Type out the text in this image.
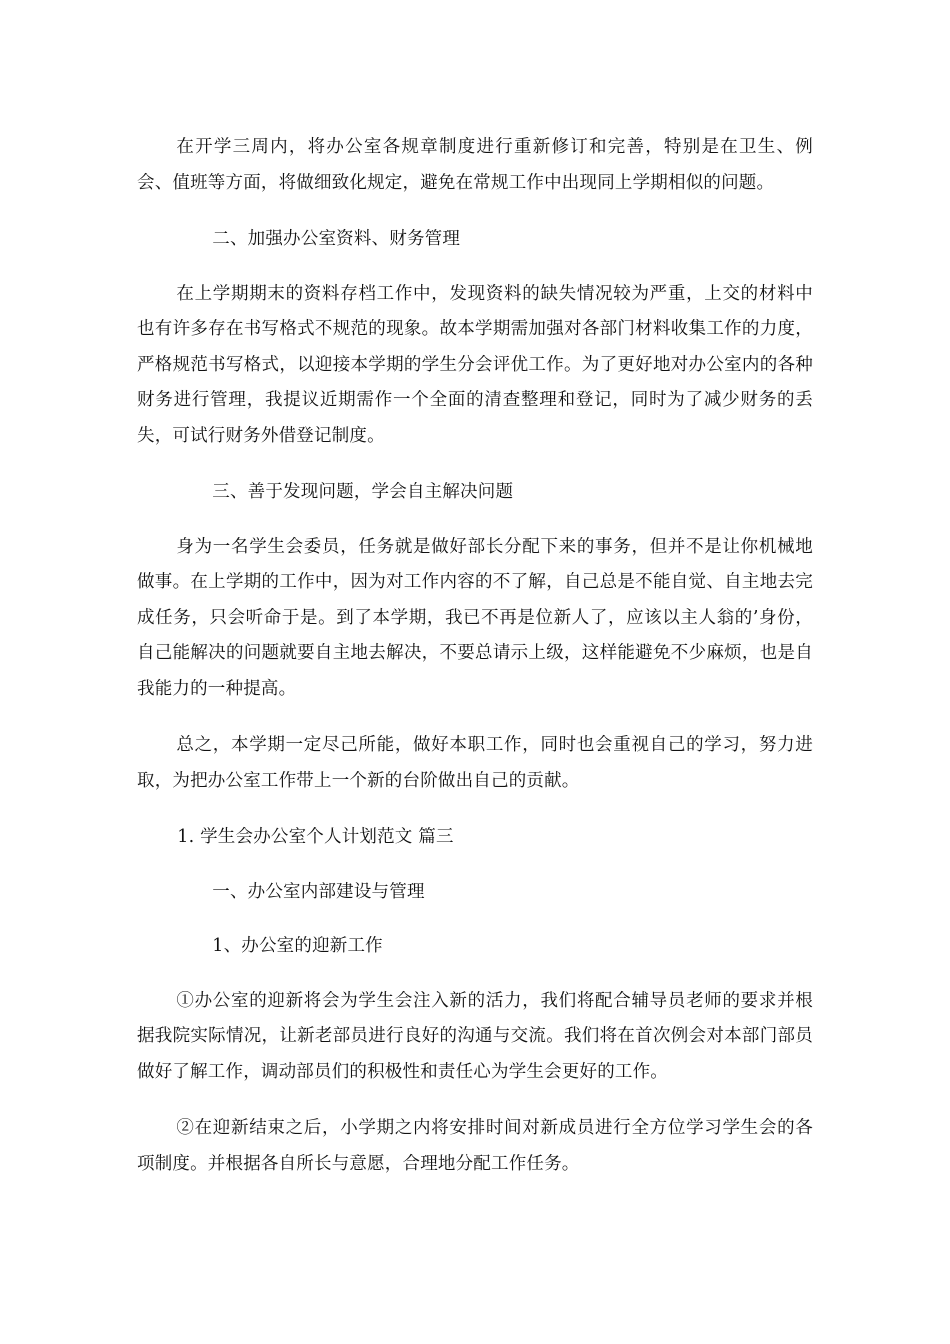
在开学三周内，将办公室各规章制度进行重新修订和完善，特别是在卫生、例会、值班等方面，将做细致化规定，避免在常规工作中出现同上学期相似的问题。

二、加强办公室资料、财务管理

在上学期期末的资料存档工作中，发现资料的缺失情况较为严重，上交的材料中也有许多存在书写格式不规范的现象。故本学期需加强对各部门材料收集工作的力度，严格规范书写格式，以迎接本学期的学生分会评优工作。为了更好地对办公室内的各种财务进行管理，我提议近期需作一个全面的清查整理和登记，同时为了减少财务的丢失，可试行财务外借登记制度。

三、善于发现问题，学会自主解决问题

身为一名学生会委员，任务就是做好部长分配下来的事务，但并不是让你机械地做事。在上学期的工作中，因为对工作内容的不了解，自己总是不能自觉、自主地去完成任务，只会听命于是。到了本学期，我已不再是位新人了，应该以主人翁的’身份，自己能解决的问题就要自主地去解决，不要总请示上级，这样能避免不少麻烦，也是自我能力的一种提高。

总之，本学期一定尽己所能，做好本职工作，同时也会重视自己的学习，努力进取，为把办公室工作带上一个新的台阶做出自己的贡献。

1. 学生会办公室个人计划范文 篇三

一、办公室内部建设与管理

1、办公室的迎新工作

①办公室的迎新将会为学生会注入新的活力，我们将配合辅导员老师的要求并根据我院实际情况，让新老部员进行良好的沟通与交流。我们将在首次例会对本部门部员做好了解工作，调动部员们的积极性和责任心为学生会更好的工作。

②在迎新结束之后，小学期之内将安排时间对新成员进行全方位学习学生会的各项制度。并根据各自所长与意愿，合理地分配工作任务。
